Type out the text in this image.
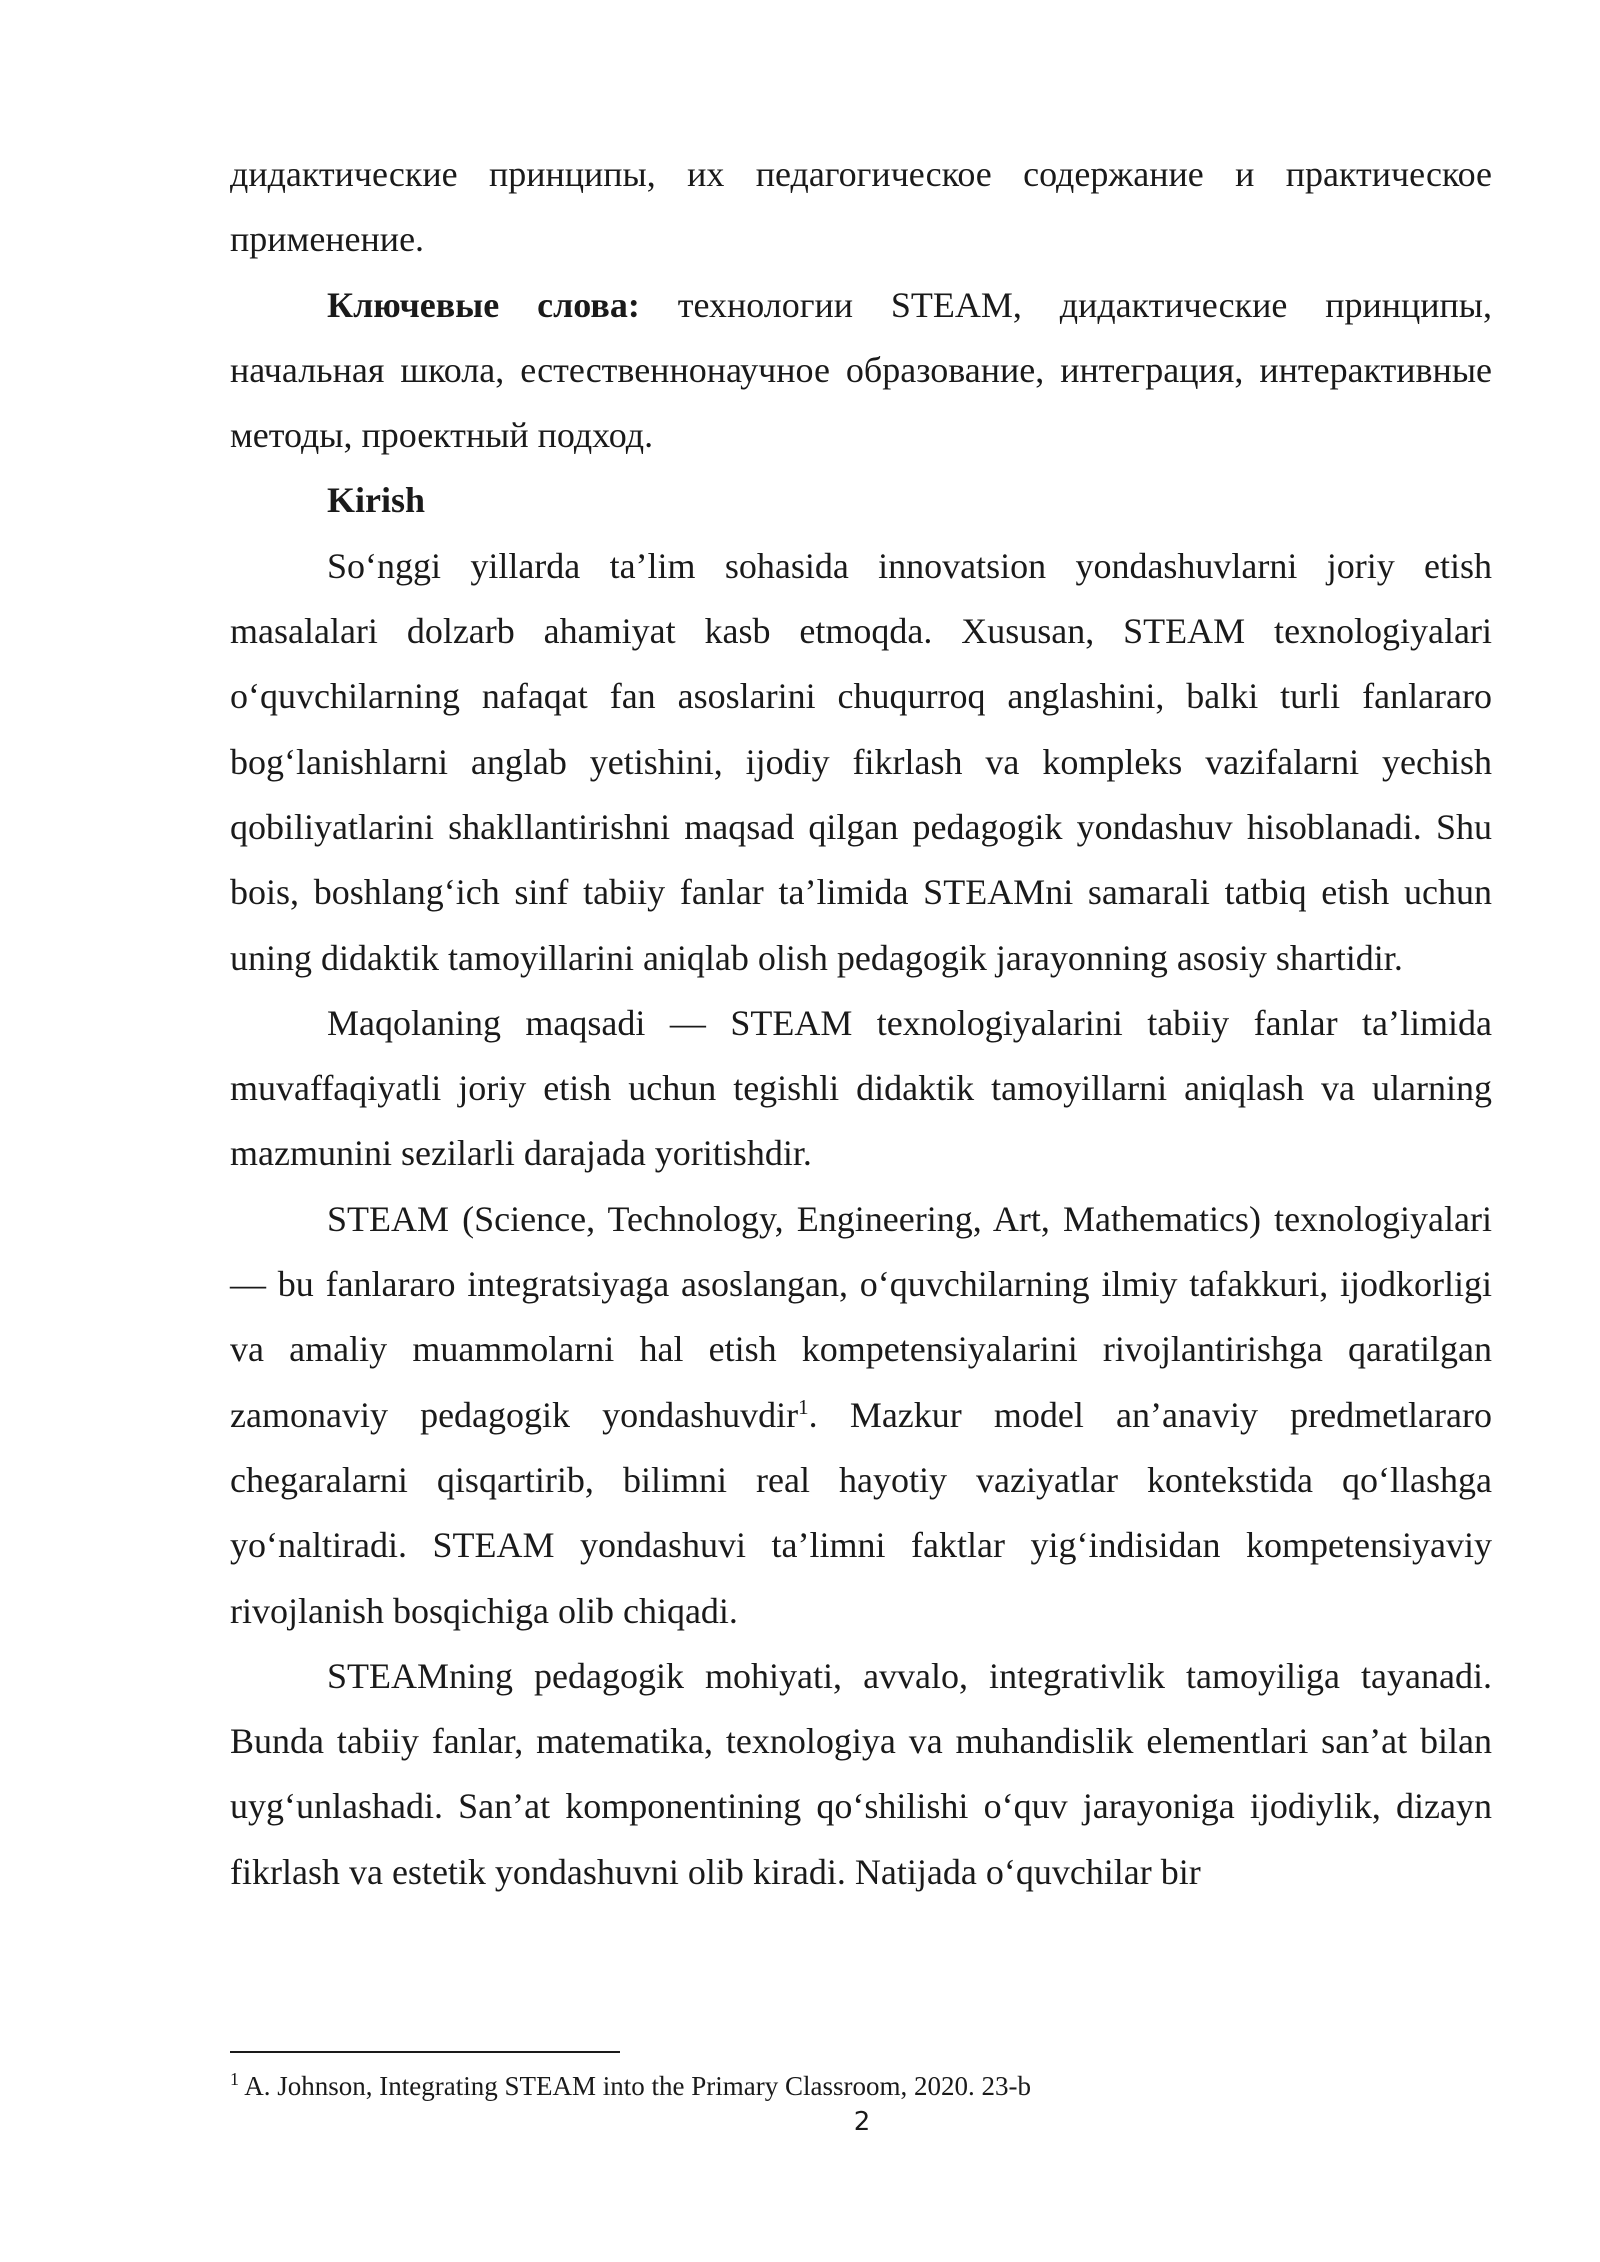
дидактические принципы, их педагогическое содержание и практическое применение.

Ключевые слова: технологии STEAM, дидактические принципы, начальная школа, естественнонаучное образование, интеграция, интерактивные методы, проектный подход.

Kirish

So‘nggi yillarda ta’lim sohasida innovatsion yondashuvlarni joriy etish masalalari dolzarb ahamiyat kasb etmoqda. Xususan, STEAM texnologiyalari o‘quvchilarning nafaqat fan asoslarini chuqurroq anglashini, balki turli fanlararo bog‘lanishlarni anglab yetishini, ijodiy fikrlash va kompleks vazifalarni yechish qobiliyatlarini shakllantirishni maqsad qilgan pedagogik yondashuv hisoblanadi. Shu bois, boshlang‘ich sinf tabiiy fanlar ta’limida STEAMni samarali tatbiq etish uchun uning didaktik tamoyillarini aniqlab olish pedagogik jarayonning asosiy shartidir.

Maqolaning maqsadi — STEAM texnologiyalarini tabiiy fanlar ta’limida muvaffaqiyatli joriy etish uchun tegishli didaktik tamoyillarni aniqlash va ularning mazmunini sezilarli darajada yoritishdir.

STEAM (Science, Technology, Engineering, Art, Mathematics) texnologiyalari — bu fanlararo integratsiyaga asoslangan, o‘quvchilarning ilmiy tafakkuri, ijodkorligi va amaliy muammolarni hal etish kompetensiyalarini rivojlantirishga qaratilgan zamonaviy pedagogik yondashuvdir$^1$. Mazkur model an’anaviy predmetlararo chegaralarni qisqartirib, bilimni real hayotiy vaziyatlar kontekstida qo‘llashga yo‘naltiradi. STEAM yondashuvi ta’limni faktlar yig‘indisidan kompetensiyaviy rivojlanish bosqichiga olib chiqadi.

STEAMning pedagogik mohiyati, avvalo, integrativlik tamoyiliga tayanadi. Bunda tabiiy fanlar, matematika, texnologiya va muhandislik elementlari san’at bilan uyg‘unlashadi. San’at komponentining qo‘shilishi o‘quv jarayoniga ijodiylik, dizayn fikrlash va estetik yondashuvni olib kiradi. Natijada o‘quvchilar bir

$^1$ A. Johnson, Integrating STEAM into the Primary Classroom, 2020. 23-b
2
